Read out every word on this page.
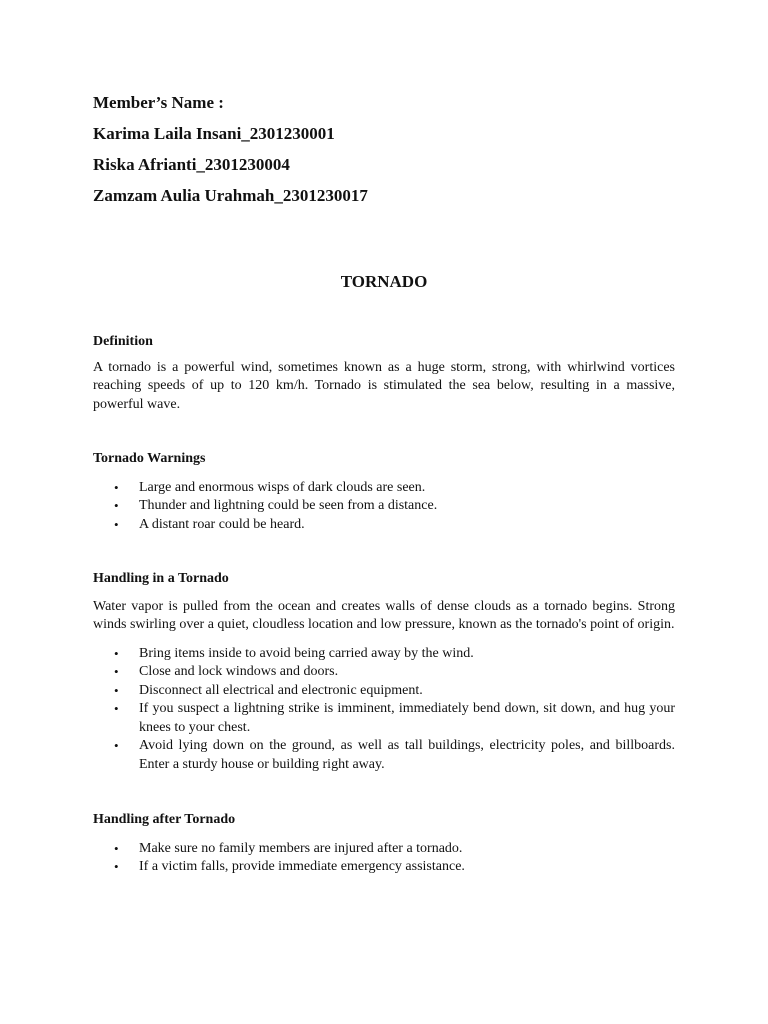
Member’s Name :

Karima Laila Insani_2301230001

Riska Afrianti_2301230004

Zamzam Aulia Urahmah_2301230017

TORNADO
Definition

A tornado is a powerful wind, sometimes known as a huge storm, strong, with whirlwind vortices reaching speeds of up to 120 km/h. Tornado is stimulated the sea below, resulting in a massive, powerful wave.

Tornado Warnings
• Large and enormous wisps of dark clouds are seen.
• Thunder and lightning could be seen from a distance.
• A distant roar could be heard.
Handling in a Tornado

Water vapor is pulled from the ocean and creates walls of dense clouds as a tornado begins. Strong winds swirling over a quiet, cloudless location and low pressure, known as the tornado's point of origin.

• Bring items inside to avoid being carried away by the wind.
• Close and lock windows and doors.
• Disconnect all electrical and electronic equipment.
• If you suspect a lightning strike is imminent, immediately bend down, sit down, and hug your knees to your chest.
• Avoid lying down on the ground, as well as tall buildings, electricity poles, and billboards. Enter a sturdy house or building right away.
Handling after Tornado
• Make sure no family members are injured after a tornado.
• If a victim falls, provide immediate emergency assistance.
